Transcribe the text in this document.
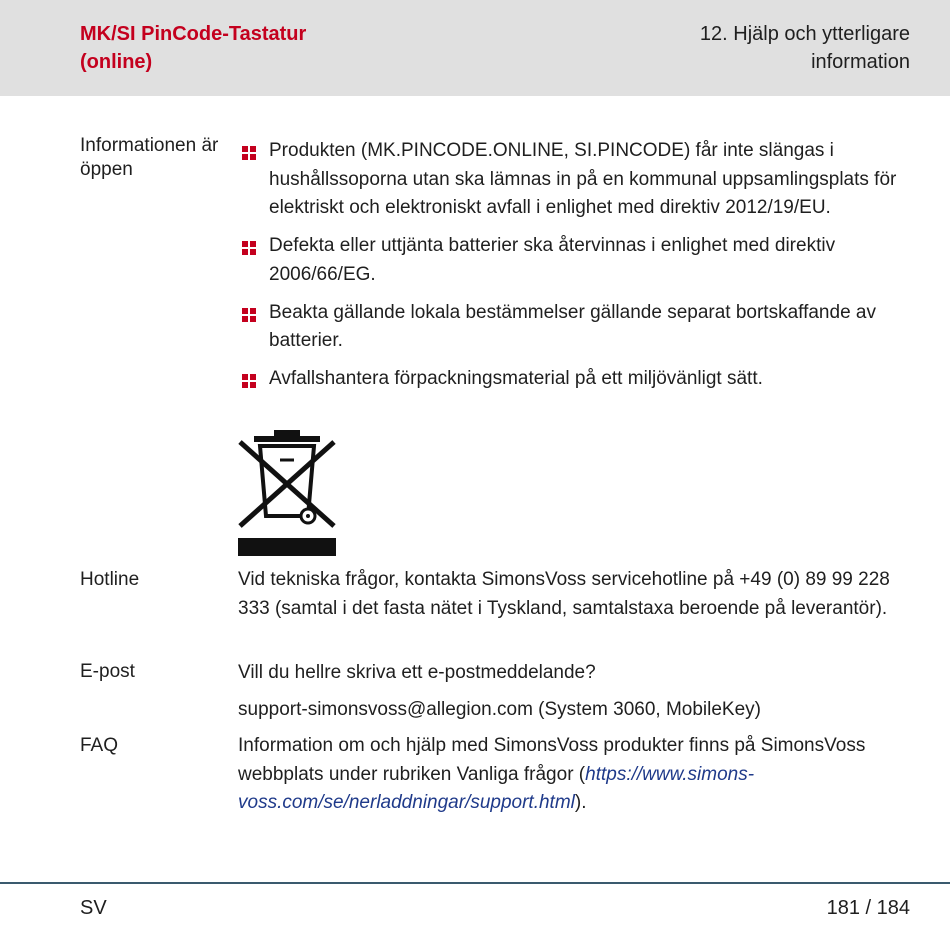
MK/SI PinCode-Tastatur
(online)
12. Hjälp och ytterligare
information
Informationen är öppen
Produkten (MK.PINCODE.ONLINE, SI.PINCODE) får inte slängas i hushållssoporna utan ska lämnas in på en kommunal uppsamlingsplats för elektriskt och elektroniskt avfall i enlighet med direktiv 2012/19/EU.
Defekta eller uttjänta batterier ska återvinnas i enlighet med direktiv 2006/66/EG.
Beakta gällande lokala bestämmelser gällande separat bortskaffande av batterier.
Avfallshantera förpackningsmaterial på ett miljövänligt sätt.
Hotline	Vid tekniska frågor, kontakta SimonsVoss servicehotline på +49 (0) 89 99 228 333 (samtal i det fasta nätet i Tyskland, samtalstaxa beroende på leverantör).
E-post	Vill du hellre skriva ett e-postmeddelande?
support-simonsvoss@allegion.com (System 3060, MobileKey)
FAQ	Information om och hjälp med SimonsVoss produkter finns på SimonsVoss webbplats under rubriken Vanliga frågor (https://www.simons-voss.com/se/nerladdningar/support.html).
SV	181 / 184
